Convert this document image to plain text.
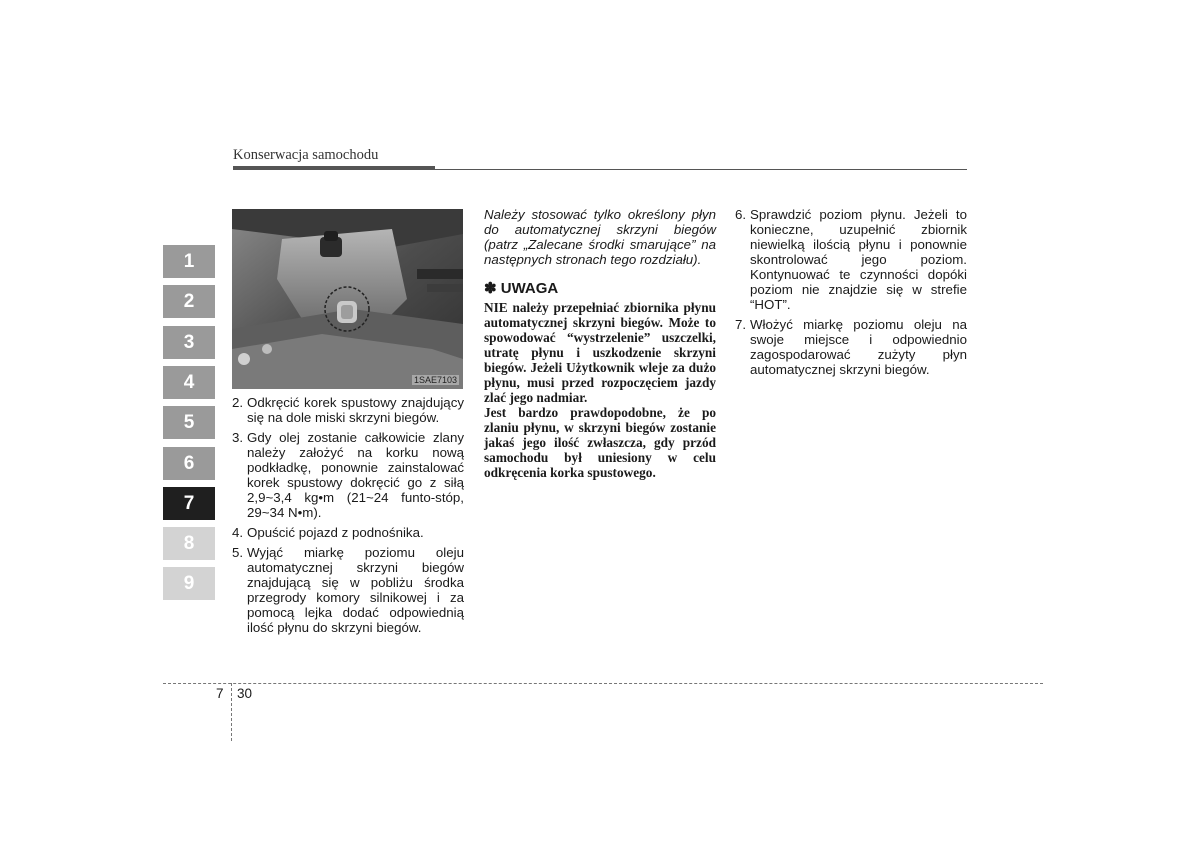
Konserwacja samochodu
1
2
3
4
5
6
7
8
9
1SAE7103
2. Odkręcić korek spustowy znajdujący się na dole miski skrzyni biegów.
3. Gdy olej zostanie całkowicie zlany należy założyć na korku nową podkładkę, ponownie zainstalować korek spustowy dokręcić go z siłą 2,9~3,4 kg•m (21~24 funto-stóp, 29~34 N•m).
4. Opuścić pojazd z podnośnika.
5. Wyjąć miarkę poziomu oleju automatycznej skrzyni biegów znajdującą się w pobliżu środka przegrody komory silnikowej i za pomocą lejka dodać odpowiednią ilość płynu do skrzyni biegów.

Należy stosować tylko określony płyn do automatycznej skrzyni biegów (patrz „Zalecane środki smarujące” na następnych stronach tego rozdziału).

✽ UWAGA

NIE należy przepełniać zbiornika płynu automatycznej skrzyni biegów. Może to spowodować “wystrzelenie” uszczelki, utratę płynu i uszkodzenie skrzyni biegów. Jeżeli Użytkownik wleje za dużo płynu, musi przed rozpoczęciem jazdy zlać jego nadmiar.

Jest bardzo prawdopodobne, że po zlaniu płynu, w skrzyni biegów zostanie jakaś jego ilość zwłaszcza, gdy przód samochodu był uniesiony w celu odkręcenia korka spustowego.

6. Sprawdzić poziom płynu. Jeżeli to konieczne, uzupełnić zbiornik niewielką ilością płynu i ponownie skontrolować jego poziom. Kontynuować te czynności dopóki poziom nie znajdzie się w strefie “HOT”.
7. Włożyć miarkę poziomu oleju na swoje miejsce i odpowiednio zagospodarować zużyty płyn automatycznej skrzyni biegów.
7 30
